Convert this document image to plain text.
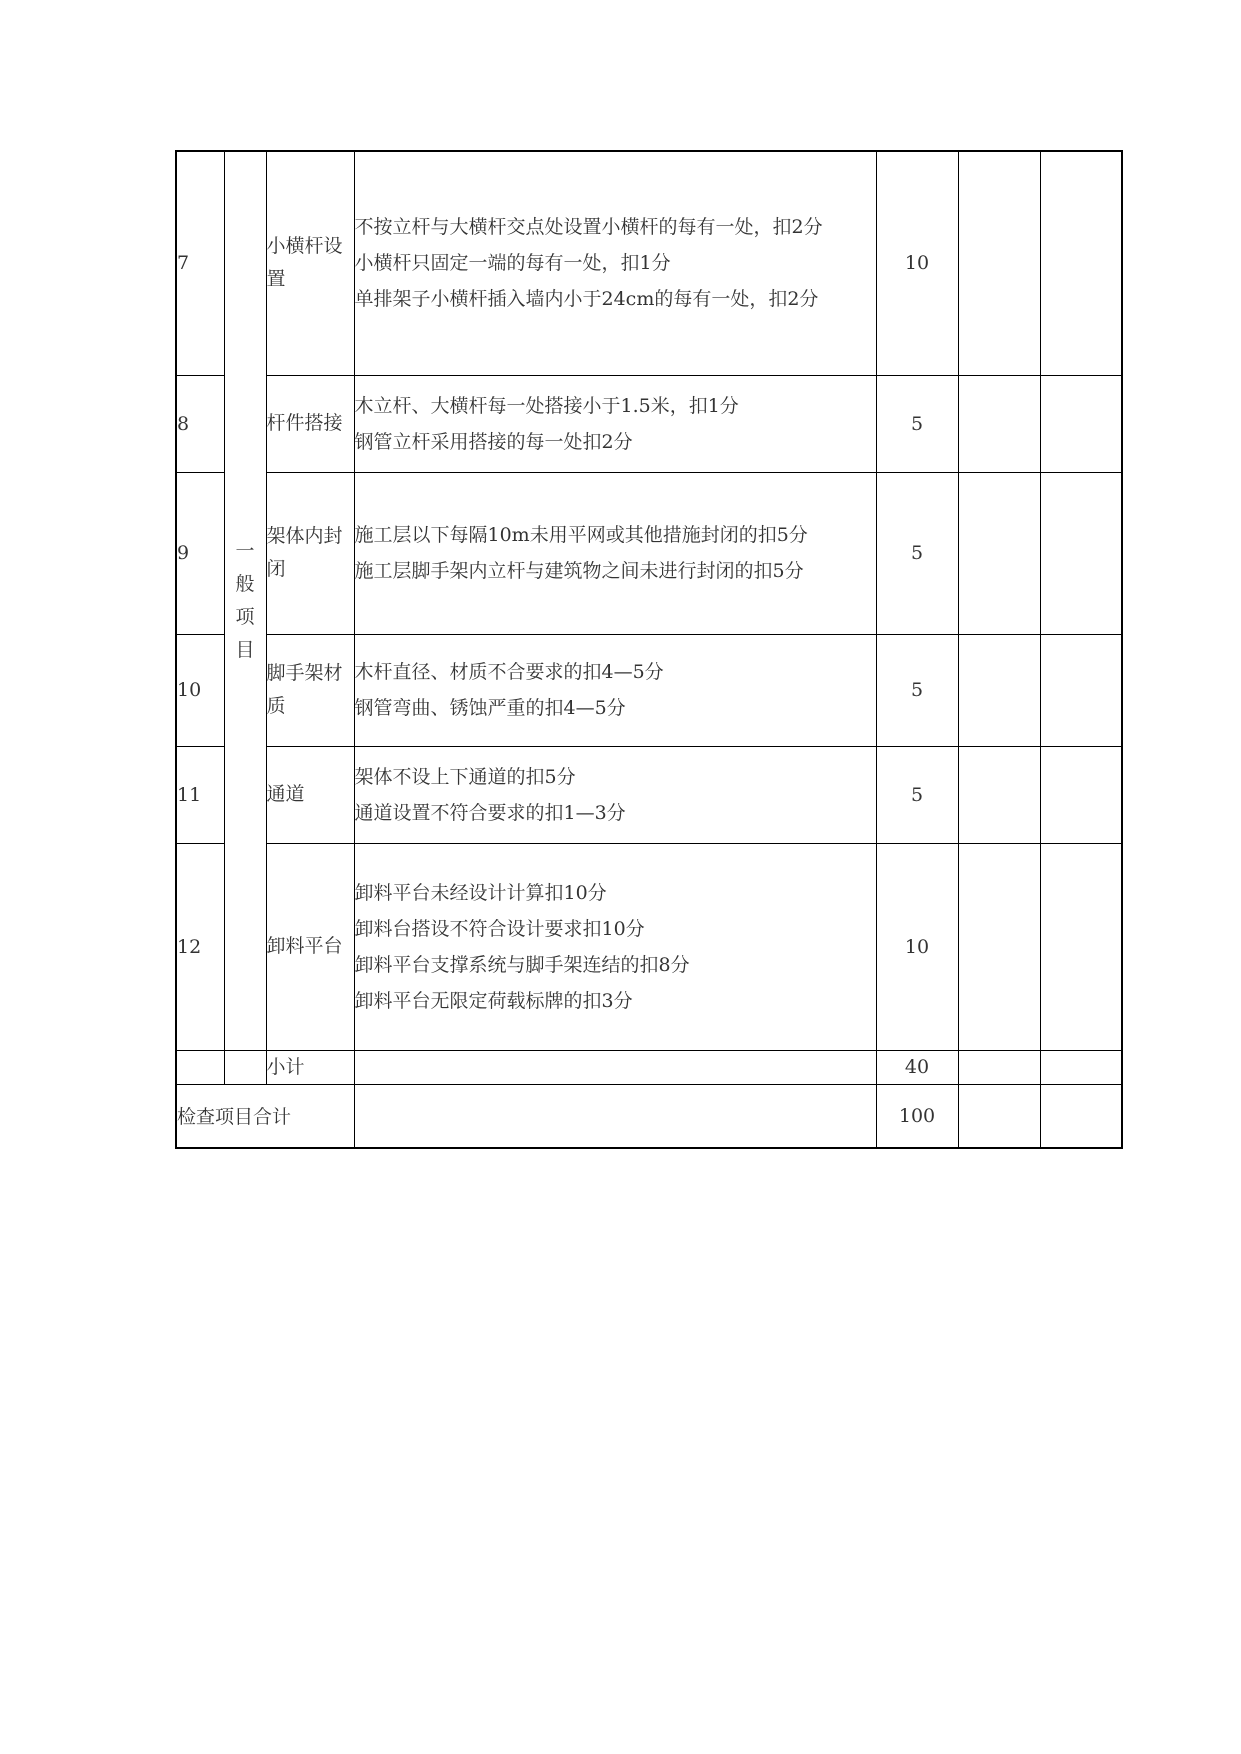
7	一般项目	小横杆设置	不按立杆与大横杆交点处设置小横杆的每有一处，扣2分
小横杆只固定一端的每有一处，扣1分
单排架子小横杆插入墙内小于24cm的每有一处，扣2分	10		
8		杆件搭接	木立杆、大横杆每一处搭接小于1.5米，扣1分
钢管立杆采用搭接的每一处扣2分	5		
9		架体内封闭	施工层以下每隔10m未用平网或其他措施封闭的扣5分
施工层脚手架内立杆与建筑物之间未进行封闭的扣5分	5		
10		脚手架材质	木杆直径、材质不合要求的扣4—5分
钢管弯曲、锈蚀严重的扣4—5分	5		
11		通道	架体不设上下通道的扣5分
通道设置不符合要求的扣1—3分	5		
12		卸料平台	卸料平台未经设计计算扣10分
卸料台搭设不符合设计要求扣10分
卸料平台支撑系统与脚手架连结的扣8分
卸料平台无限定荷载标牌的扣3分	10		
		小计		40		
检查项目合计				100		
